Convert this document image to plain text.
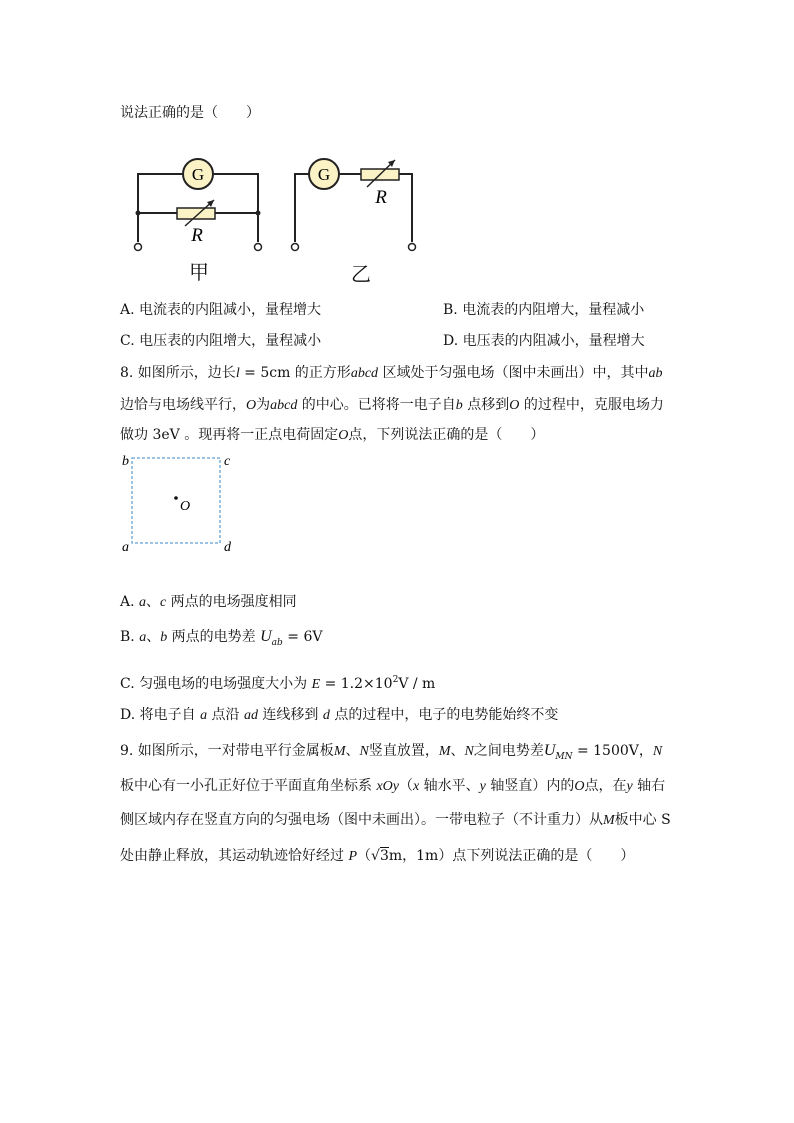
说法正确的是（　　）
G
R
G
R
甲	乙
A. 电流表的内阻减小，量程增大	B. 电流表的内阻增大，量程减小
C. 电压表的内阻增大，量程减小	D. 电压表的内阻减小，量程增大
8. 如图所示，边长l = 5cm 的正方形abcd 区域处于匀强电场（图中未画出）中，其中ab
边恰与电场线平行，O为abcd 的中心。已将将一电子自b 点移到O 的过程中，克服电场力
做功 3eV 。现再将一正点电荷固定O点，下列说法正确的是（　　）
b	c
a	d
O
A. a、c 两点的电场强度相同
B. a、b 两点的电势差 $U_{ab} = 6V$
C. 匀强电场的电场强度大小为 $E = 1.2\times 10^2V / m$
D. 将电子自 a 点沿 ad 连线移到 d 点的过程中，电子的电势能始终不变
9. 如图所示，一对带电平行金属板M、N竖直放置，M、N之间电势差$U_{MN} = 1500V$，N
板中心有一小孔正好位于平面直角坐标系 xOy（x 轴水平、y 轴竖直）内的O点，在y 轴右
侧区域内存在竖直方向的匀强电场（图中未画出）。一带电粒子（不计重力）从M板中心 S
处由静止释放，其运动轨迹恰好经过 P（√3m，1m）点下列说法正确的是（　　）
